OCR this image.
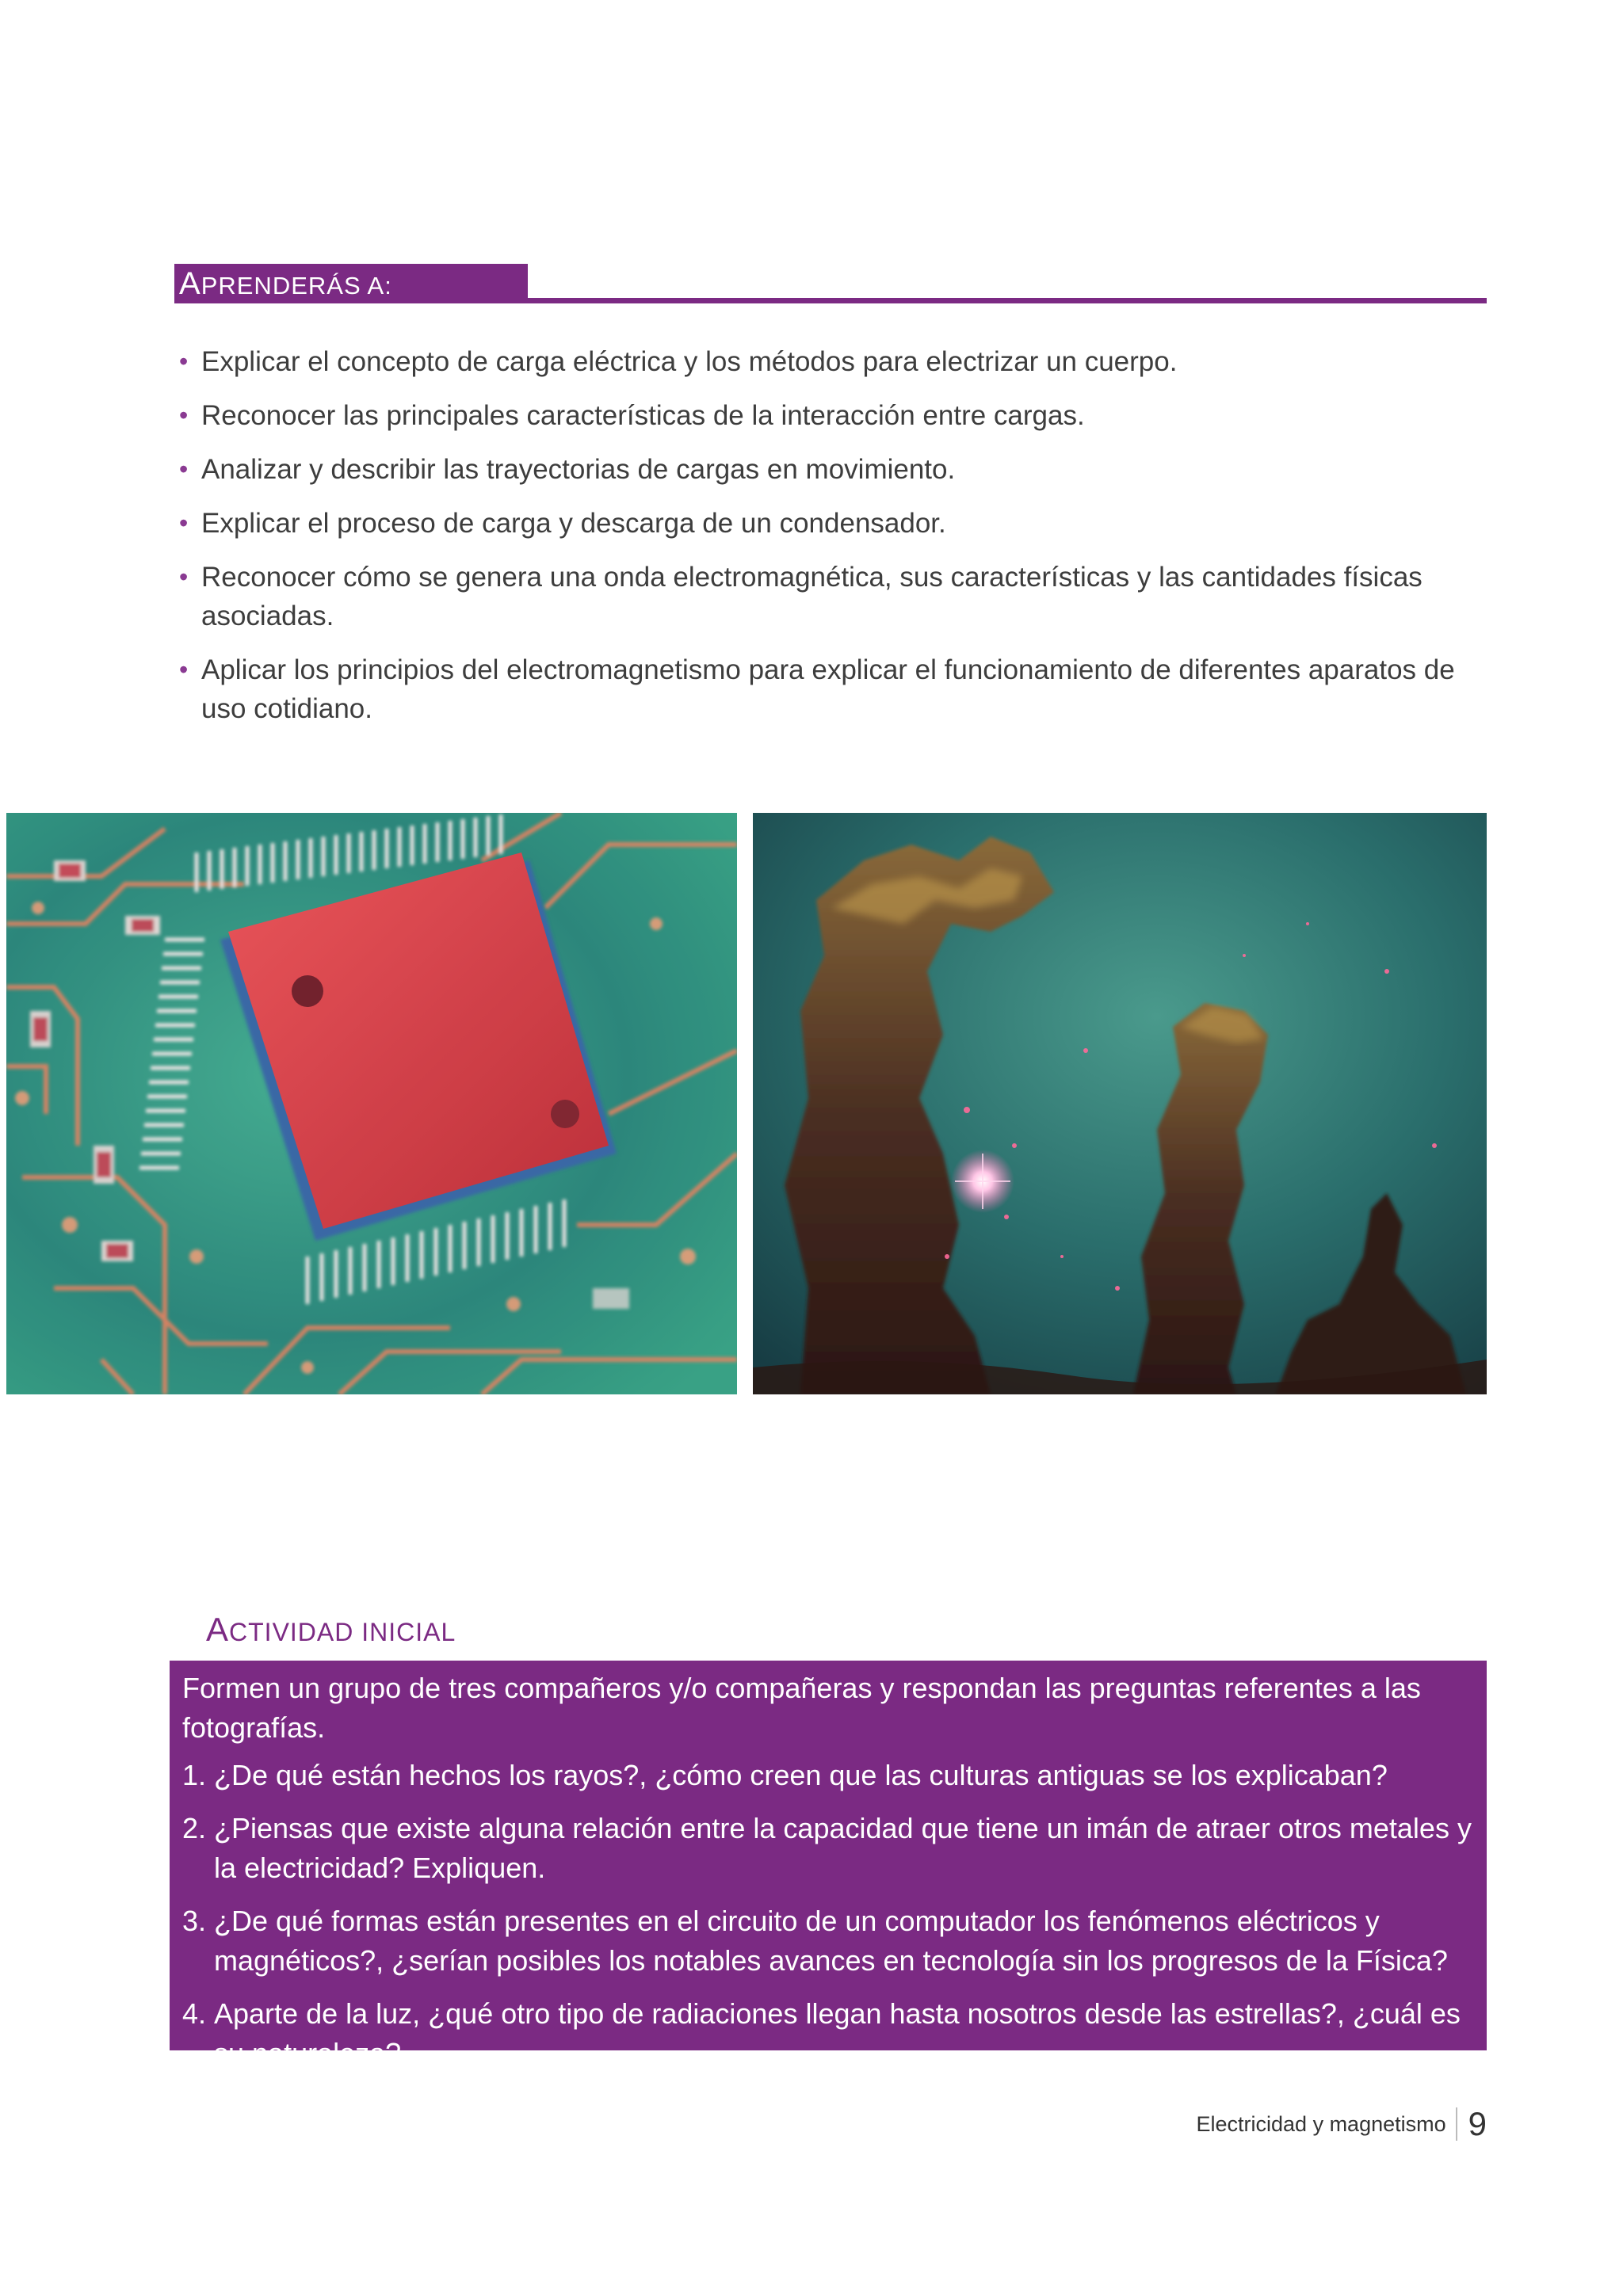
APRENDERÁS A:
• Explicar el concepto de carga eléctrica y los métodos para electrizar un cuerpo.
• Reconocer las principales características de la interacción entre cargas.
• Analizar y describir las trayectorias de cargas en movimiento.
• Explicar el proceso de carga y descarga de un condensador.
• Reconocer cómo se genera una onda electromagnética, sus características y las cantidades físicas asociadas.
• Aplicar los principios del electromagnetismo para explicar el funcionamiento de diferentes aparatos de uso cotidiano.
ACTIVIDAD INICIAL

Formen un grupo de tres compañeros y/o compañeras y respondan las preguntas referentes a las fotografías.

1. ¿De qué están hechos los rayos?, ¿cómo creen que las culturas antiguas se los explicaban?
2. ¿Piensas que existe alguna relación entre la capacidad que tiene un imán de atraer otros metales y la electricidad? Expliquen.
3. ¿De qué formas están presentes en el circuito de un computador los fenómenos eléctricos y magnéticos?, ¿serían posibles los notables avances en tecnología sin los progresos de la Física?
4. Aparte de la luz, ¿qué otro tipo de radiaciones llegan hasta nosotros desde las estrellas?, ¿cuál es su naturaleza?
Electricidad y magnetismo 9
